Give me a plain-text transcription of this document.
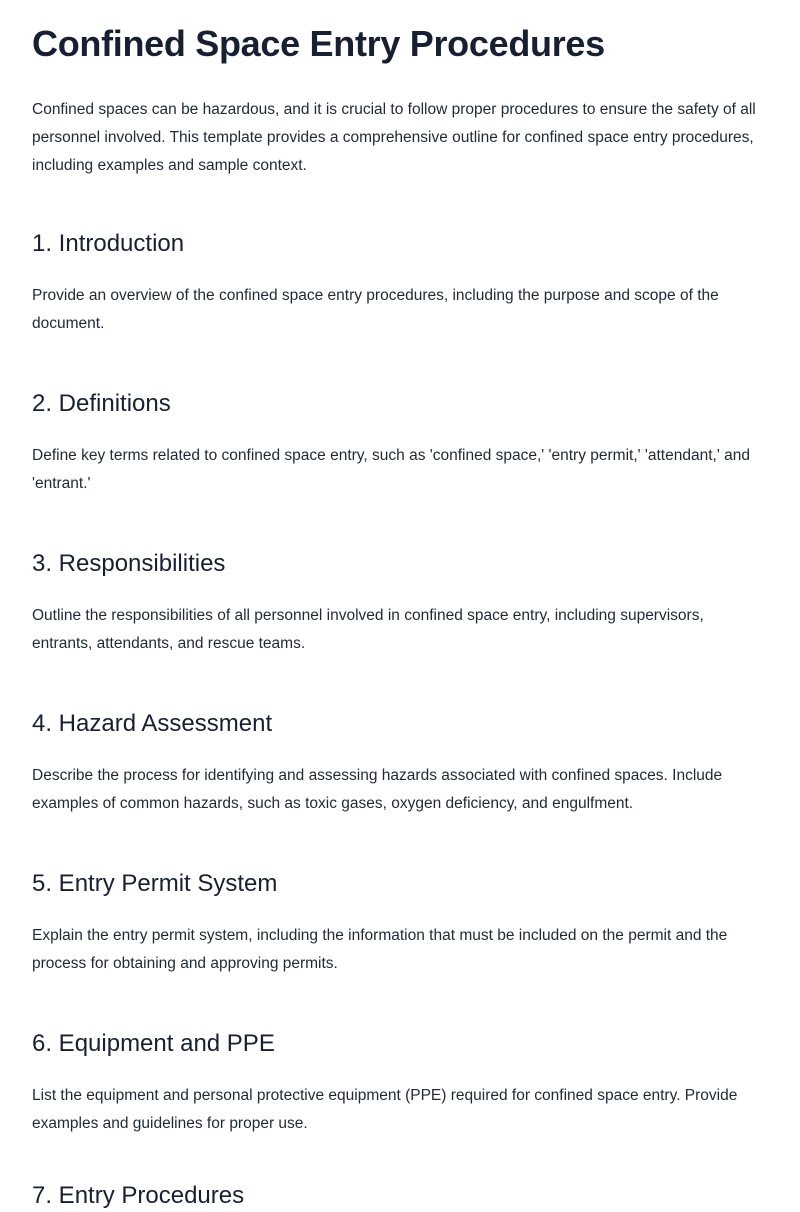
Confined Space Entry Procedures

Confined spaces can be hazardous, and it is crucial to follow proper procedures to ensure the safety of all personnel involved. This template provides a comprehensive outline for confined space entry procedures, including examples and sample context.

1. Introduction

Provide an overview of the confined space entry procedures, including the purpose and scope of the document.

2. Definitions

Define key terms related to confined space entry, such as 'confined space,' 'entry permit,' 'attendant,' and 'entrant.'

3. Responsibilities

Outline the responsibilities of all personnel involved in confined space entry, including supervisors, entrants, attendants, and rescue teams.

4. Hazard Assessment

Describe the process for identifying and assessing hazards associated with confined spaces. Include examples of common hazards, such as toxic gases, oxygen deficiency, and engulfment.

5. Entry Permit System

Explain the entry permit system, including the information that must be included on the permit and the process for obtaining and approving permits.

6. Equipment and PPE

List the equipment and personal protective equipment (PPE) required for confined space entry. Provide examples and guidelines for proper use.

7. Entry Procedures
